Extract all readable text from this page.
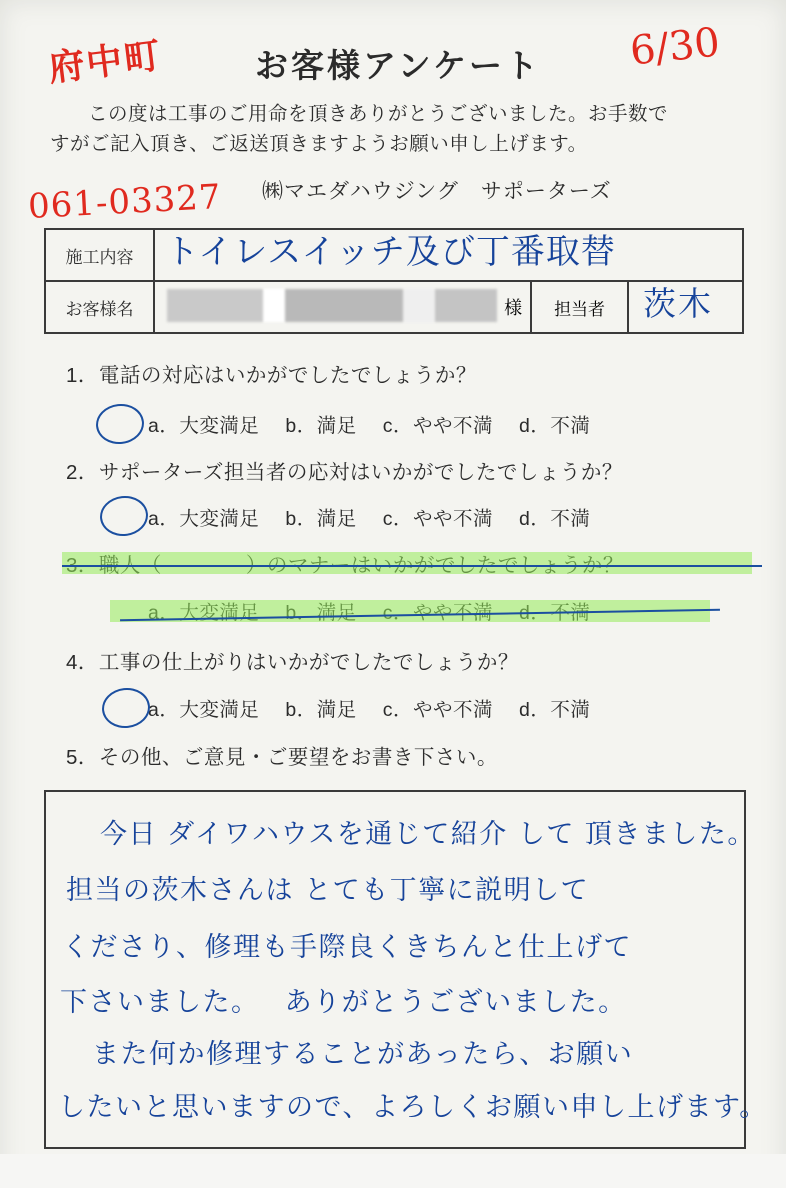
府中町	お客様アンケート 6/30
この度は工事のご用命を頂きありがとうございました。お手数で
すがご記入頂き、ご返送頂きますようお願い申し上げます。
061-03327 ㈱マエダハウジング　サポーターズ
施工内容	トイレスイッチ及び丁番取替		

お客様名	様	担当者	茨木
1．電話の対応はいかがでしたでしょうか？
a．大変満足 b．満足 c．やや不満 d．不満
2．サポーターズ担当者の応対はいかがでしたでしょうか？
a．大変満足 b．満足 c．やや不満 d．不満
4．工事の仕上がりはいかがでしたでしょうか？
a．大変満足 b．満足 c．やや不満 d．不満
5．その他、ご意見・ご要望をお書き下さい。
今日 ダイワハウスを通じて紹介 して 頂きました。
担当の茨木さんは とても丁寧に説明して
くださり、修理も手際良くきちんと仕上げて
下さいました。　 ありがとうございました。
また何か修理することがあったら、お願い
したいと思いますので、よろしくお願い申し上げます。
